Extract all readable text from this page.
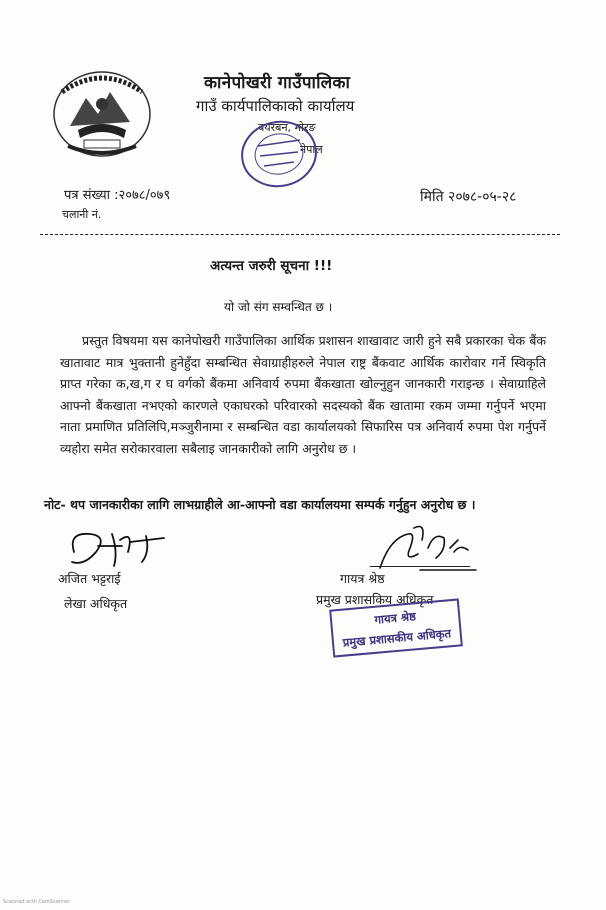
कानेपोखरी गाउँपालिका
गाउँ कार्यपालिकाको कार्यालय
बयरबन, मोरङ
नेपाल
पत्र संख्या :२०७८/०७९
चलानी नं.
मिति २०७८-०५-२८
अत्यन्त जरुरी सूचना !!!
यो जो संग सम्वन्धित छ ।

प्रस्तुत विषयमा यस कानेपोखरी गाउँपालिका आर्थिक प्रशासन शाखावाट जारी हुने सबै प्रकारका चेक बैंक खातावाट मात्र भुक्तानी हुनेहुँदा सम्बन्धित सेवाग्राहीहरुले नेपाल राष्ट्र बैंकवाट आर्थिक कारोवार गर्ने स्विकृति प्राप्त गरेका क,ख,ग र घ वर्गको बैंकमा अनिवार्य रुपमा बैंकखाता खोल्नुहुन जानकारी गराइन्छ । सेवाग्राहिले आफ्नो बैंकखाता नभएको कारणले एकाघरको परिवारको सदस्यको बैंक खातामा रकम जम्मा गर्नुपर्ने भएमा नाता प्रमाणित प्रतिलिपि,मञ्जुरीनामा र सम्बन्धित वडा कार्यालयको सिफारिस पत्र अनिवार्य रुपमा पेश गर्नुपर्ने व्यहोरा समेत सरोकारवाला सबैलाइ जानकारीको लागि अनुरोध छ ।

नोट- थप जानकारीका लागि लाभग्राहीले आ-आफ्नो वडा कार्यालयमा सम्पर्क गर्नुहुन अनुरोध छ ।
अजित भट्टराई
लेखा अधिकृत
गायत्र श्रेष्ठ
प्रमुख प्रशासकिय अधिकृत
गायत्र श्रेष्ठ
प्रमुख प्रशासकीय अधिकृत
Scanned with CamScanner
